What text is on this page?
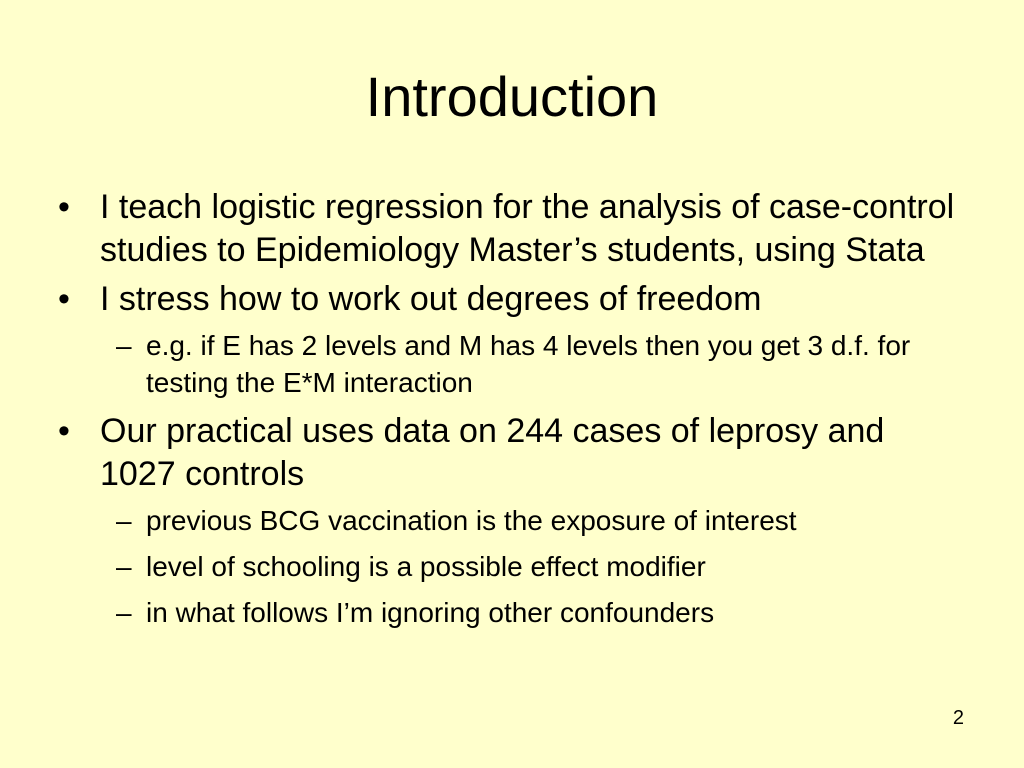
Introduction
• I teach logistic regression for the analysis of case-control studies to Epidemiology Master’s students, using Stata
• I stress how to work out degrees of freedom
– e.g. if E has 2 levels and M has 4 levels then you get 3 d.f. for testing the E*M interaction
• Our practical uses data on 244 cases of leprosy and 1027 controls
– previous BCG vaccination is the exposure of interest
– level of schooling is a possible effect modifier
– in what follows I’m ignoring other confounders
2
